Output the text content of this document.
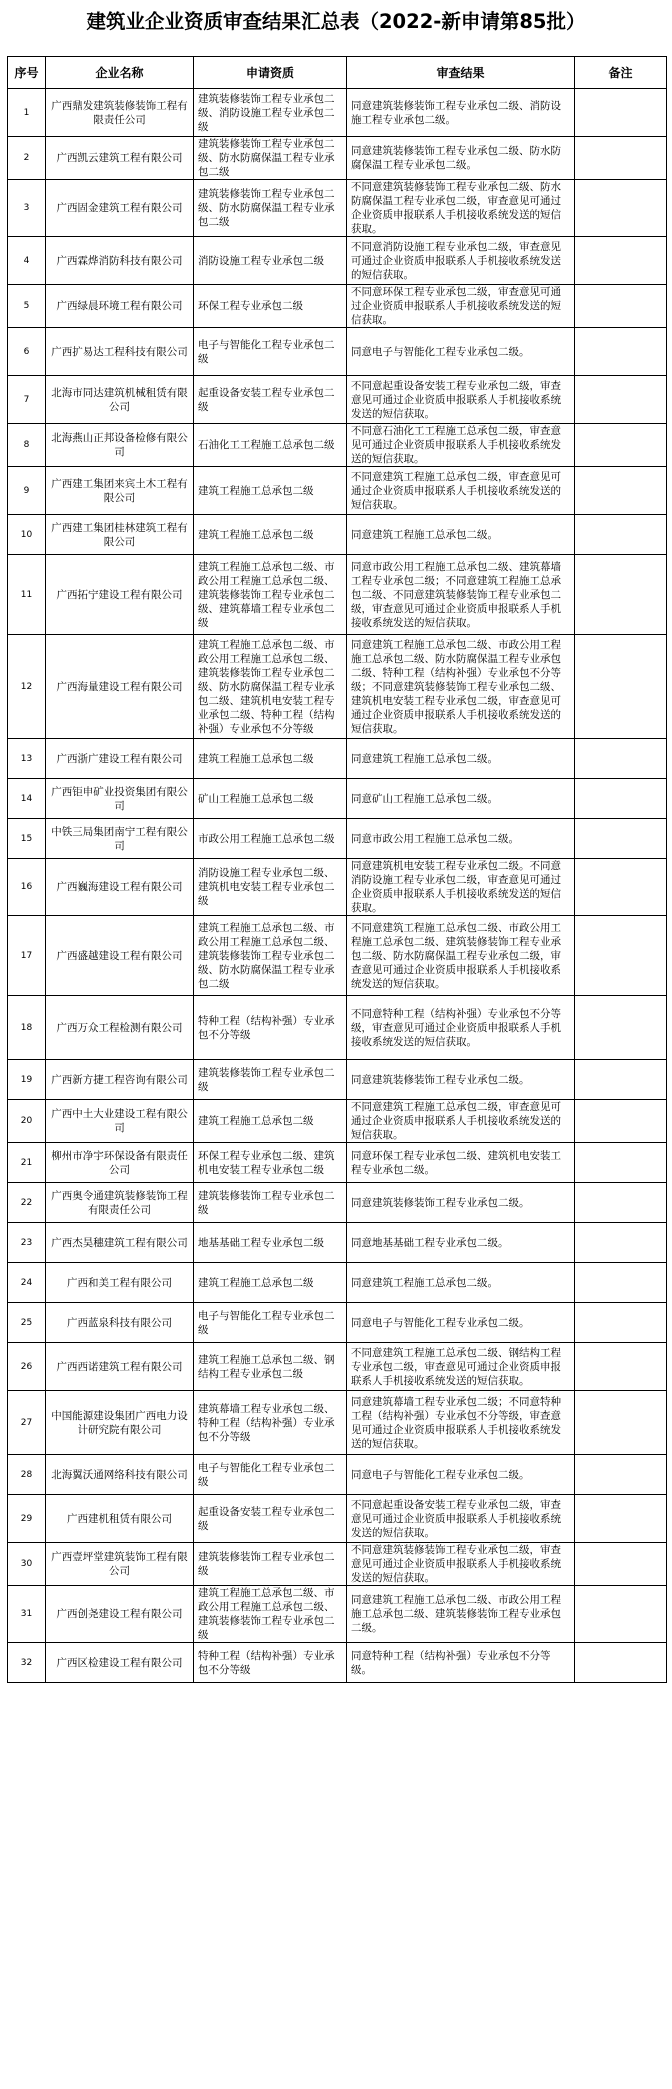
建筑业企业资质审查结果汇总表（2022-新申请第85批）
序号	企业名称	申请资质	审查结果	备注
1	广西鼎发建筑装修装饰工程有限责任公司	建筑装修装饰工程专业承包二级、消防设施工程专业承包二级	同意建筑装修装饰工程专业承包二级、消防设施工程专业承包二级。	
2	广西凯云建筑工程有限公司	建筑装修装饰工程专业承包二级、防水防腐保温工程专业承包二级	同意建筑装修装饰工程专业承包二级、防水防腐保温工程专业承包二级。	
3	广西固金建筑工程有限公司	建筑装修装饰工程专业承包二级、防水防腐保温工程专业承包二级	不同意建筑装修装饰工程专业承包二级、防水防腐保温工程专业承包二级，审查意见可通过企业资质申报联系人手机接收系统发送的短信获取。	
4	广西霖烨消防科技有限公司	消防设施工程专业承包二级	不同意消防设施工程专业承包二级，审查意见可通过企业资质申报联系人手机接收系统发送的短信获取。	
5	广西绿晨环境工程有限公司	环保工程专业承包二级	不同意环保工程专业承包二级，审查意见可通过企业资质申报联系人手机接收系统发送的短信获取。	
6	广西扩易达工程科技有限公司	电子与智能化工程专业承包二级	同意电子与智能化工程专业承包二级。	
7	北海市同达建筑机械租赁有限公司	起重设备安装工程专业承包二级	不同意起重设备安装工程专业承包二级，审查意见可通过企业资质申报联系人手机接收系统发送的短信获取。	
8	北海燕山正邦设备检修有限公司	石油化工工程施工总承包二级	不同意石油化工工程施工总承包二级，审查意见可通过企业资质申报联系人手机接收系统发送的短信获取。	
9	广西建工集团来宾土木工程有限公司	建筑工程施工总承包二级	不同意建筑工程施工总承包二级，审查意见可通过企业资质申报联系人手机接收系统发送的短信获取。	
10	广西建工集团桂林建筑工程有限公司	建筑工程施工总承包二级	同意建筑工程施工总承包二级。	
11	广西拓宁建设工程有限公司	建筑工程施工总承包二级、市政公用工程施工总承包二级、建筑装修装饰工程专业承包二级、建筑幕墙工程专业承包二级	同意市政公用工程施工总承包二级、建筑幕墙工程专业承包二级；不同意建筑工程施工总承包二级、不同意建筑装修装饰工程专业承包二级，审查意见可通过企业资质申报联系人手机接收系统发送的短信获取。	
12	广西海量建设工程有限公司	建筑工程施工总承包二级、市政公用工程施工总承包二级、建筑装修装饰工程专业承包二级、防水防腐保温工程专业承包二级、建筑机电安装工程专业承包二级、特种工程（结构补强）专业承包不分等级	同意建筑工程施工总承包二级、市政公用工程施工总承包二级、防水防腐保温工程专业承包二级、特种工程（结构补强）专业承包不分等级；不同意建筑装修装饰工程专业承包二级、建筑机电安装工程专业承包二级，审查意见可通过企业资质申报联系人手机接收系统发送的短信获取。	
13	广西浙广建设工程有限公司	建筑工程施工总承包二级	同意建筑工程施工总承包二级。	
14	广西钜申矿业投资集团有限公司	矿山工程施工总承包二级	同意矿山工程施工总承包二级。	
15	中铁三局集团南宁工程有限公司	市政公用工程施工总承包二级	同意市政公用工程施工总承包二级。	
16	广西巍海建设工程有限公司	消防设施工程专业承包二级、建筑机电安装工程专业承包二级	同意建筑机电安装工程专业承包二级。不同意消防设施工程专业承包二级，审查意见可通过企业资质申报联系人手机接收系统发送的短信获取。	
17	广西盛越建设工程有限公司	建筑工程施工总承包二级、市政公用工程施工总承包二级、建筑装修装饰工程专业承包二级、防水防腐保温工程专业承包二级	不同意建筑工程施工总承包二级、市政公用工程施工总承包二级、建筑装修装饰工程专业承包二级、防水防腐保温工程专业承包二级，审查意见可通过企业资质申报联系人手机接收系统发送的短信获取。	
18	广西万众工程检测有限公司	特种工程（结构补强）专业承包不分等级	不同意特种工程（结构补强）专业承包不分等级，审查意见可通过企业资质申报联系人手机接收系统发送的短信获取。	
19	广西新方捷工程咨询有限公司	建筑装修装饰工程专业承包二级	同意建筑装修装饰工程专业承包二级。	
20	广西中土大业建设工程有限公司	建筑工程施工总承包二级	不同意建筑工程施工总承包二级，审查意见可通过企业资质申报联系人手机接收系统发送的短信获取。	
21	柳州市净宇环保设备有限责任公司	环保工程专业承包二级、建筑机电安装工程专业承包二级	同意环保工程专业承包二级、建筑机电安装工程专业承包二级。	
22	广西奥令通建筑装修装饰工程有限责任公司	建筑装修装饰工程专业承包二级	同意建筑装修装饰工程专业承包二级。	
23	广西杰昊穗建筑工程有限公司	地基基础工程专业承包二级	同意地基基础工程专业承包二级。	
24	广西和美工程有限公司	建筑工程施工总承包二级	同意建筑工程施工总承包二级。	
25	广西蓝泉科技有限公司	电子与智能化工程专业承包二级	同意电子与智能化工程专业承包二级。	
26	广西西诺建筑工程有限公司	建筑工程施工总承包二级、钢结构工程专业承包二级	不同意建筑工程施工总承包二级、钢结构工程专业承包二级，审查意见可通过企业资质申报联系人手机接收系统发送的短信获取。	
27	中国能源建设集团广西电力设计研究院有限公司	建筑幕墙工程专业承包二级、特种工程（结构补强）专业承包不分等级	同意建筑幕墙工程专业承包二级；不同意特种工程（结构补强）专业承包不分等级，审查意见可通过企业资质申报联系人手机接收系统发送的短信获取。	
28	北海翼沃通网络科技有限公司	电子与智能化工程专业承包二级	同意电子与智能化工程专业承包二级。	
29	广西建机租赁有限公司	起重设备安装工程专业承包二级	不同意起重设备安装工程专业承包二级，审查意见可通过企业资质申报联系人手机接收系统发送的短信获取。	
30	广西壹坪堂建筑装饰工程有限公司	建筑装修装饰工程专业承包二级	不同意建筑装修装饰工程专业承包二级，审查意见可通过企业资质申报联系人手机接收系统发送的短信获取。	
31	广西创尧建设工程有限公司	建筑工程施工总承包二级、市政公用工程施工总承包二级、建筑装修装饰工程专业承包二级	同意建筑工程施工总承包二级、市政公用工程施工总承包二级、建筑装修装饰工程专业承包二级。	
32	广西区检建设工程有限公司	特种工程（结构补强）专业承包不分等级	同意特种工程（结构补强）专业承包不分等级。	
